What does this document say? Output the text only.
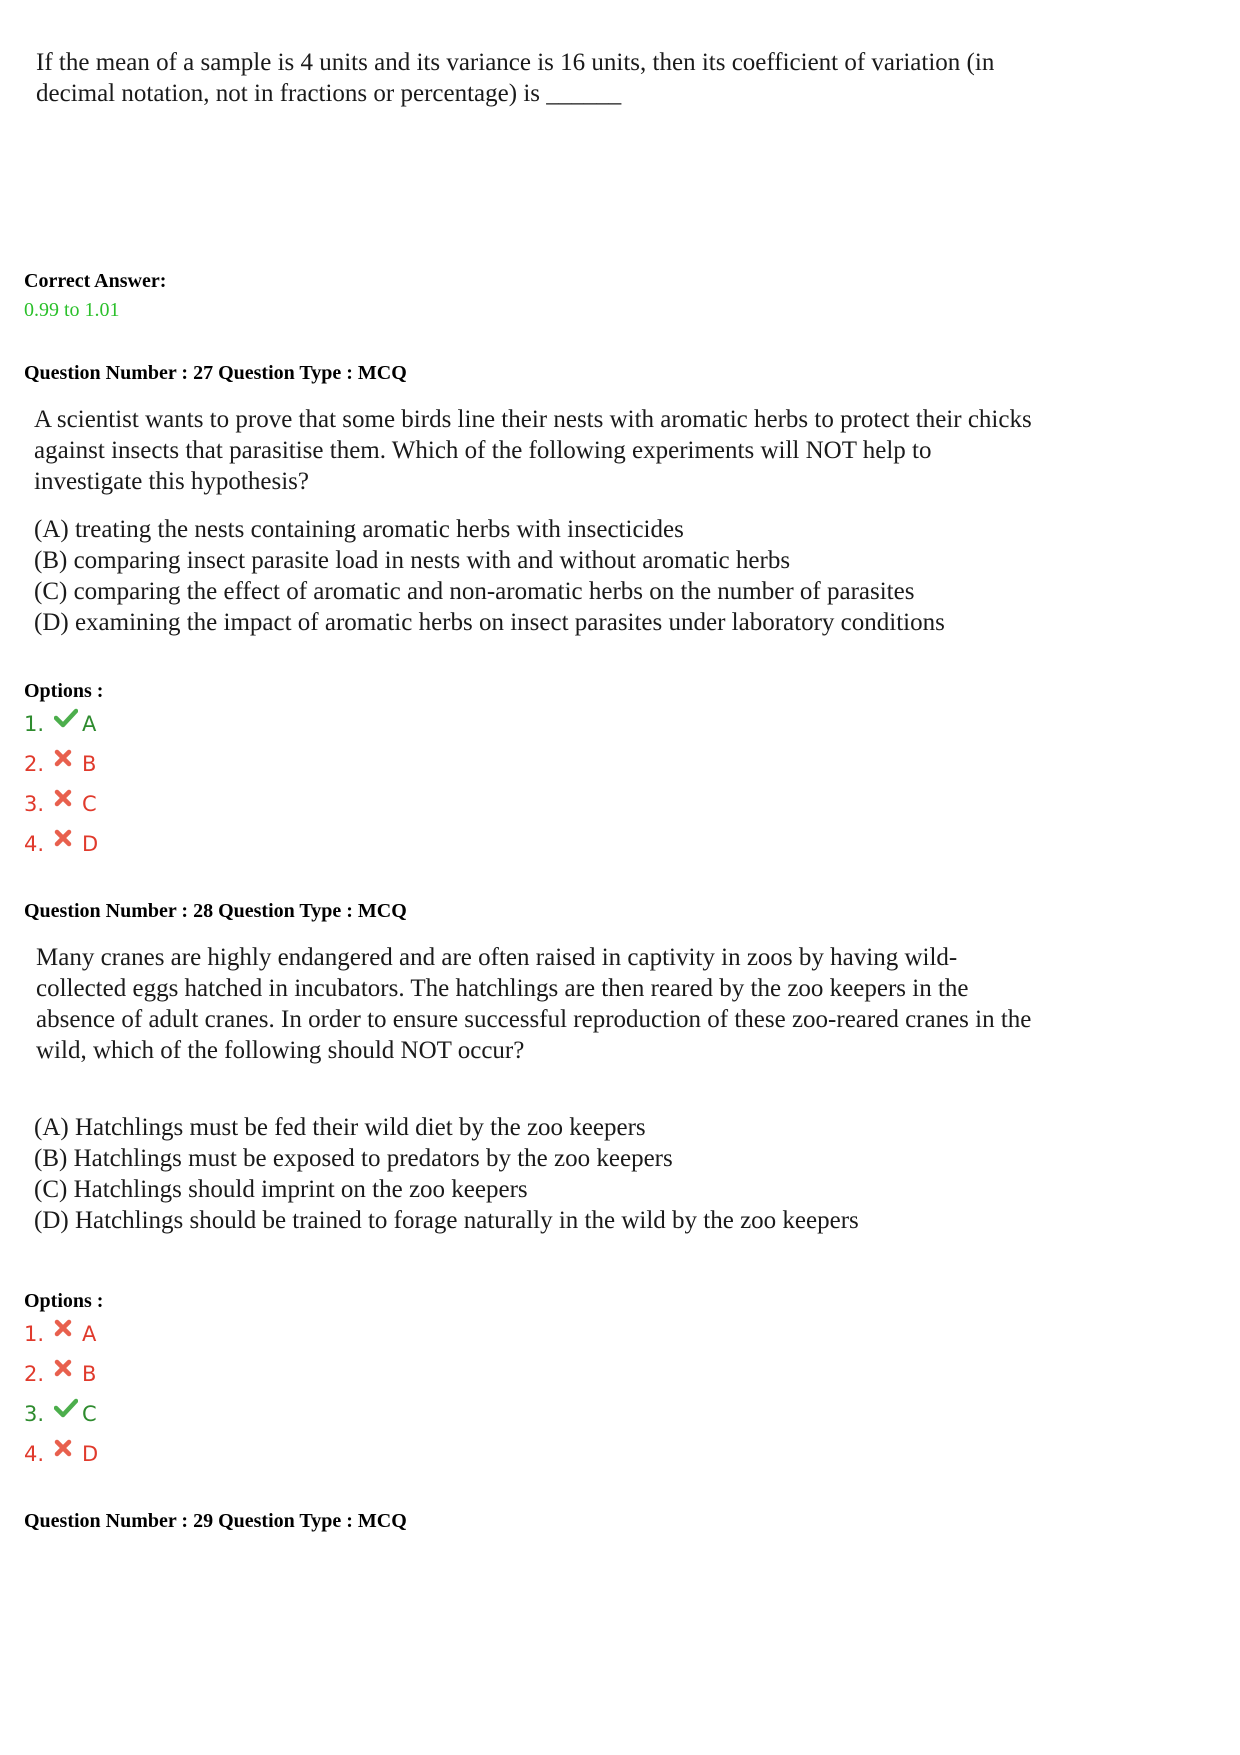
If the mean of a sample is 4 units and its variance is 16 units, then its coefficient of variation (in

decimal notation, not in fractions or percentage) is ______

Correct Answer:
0.99 to 1.01
Question Number : 27 Question Type : MCQ

A scientist wants to prove that some birds line their nests with aromatic herbs to protect their chicks

against insects that parasitise them. Which of the following experiments will NOT help to

investigate this hypothesis?

(A) treating the nests containing aromatic herbs with insecticides

(B) comparing insect parasite load in nests with and without aromatic herbs

(C) comparing the effect of aromatic and non-aromatic herbs on the number of parasites

(D) examining the impact of aromatic herbs on insect parasites under laboratory conditions

Options :
1.	A
2.	B
3.	C
4.	D
Question Number : 28 Question Type : MCQ

Many cranes are highly endangered and are often raised in captivity in zoos by having wild-

collected eggs hatched in incubators. The hatchlings are then reared by the zoo keepers in the

absence of adult cranes. In order to ensure successful reproduction of these zoo-reared cranes in the

wild, which of the following should NOT occur?

(A) Hatchlings must be fed their wild diet by the zoo keepers

(B) Hatchlings must be exposed to predators by the zoo keepers

(C) Hatchlings should imprint on the zoo keepers

(D) Hatchlings should be trained to forage naturally in the wild by the zoo keepers

Options :
1.	A
2.	B
3.	C
4.	D
Question Number : 29 Question Type : MCQ
